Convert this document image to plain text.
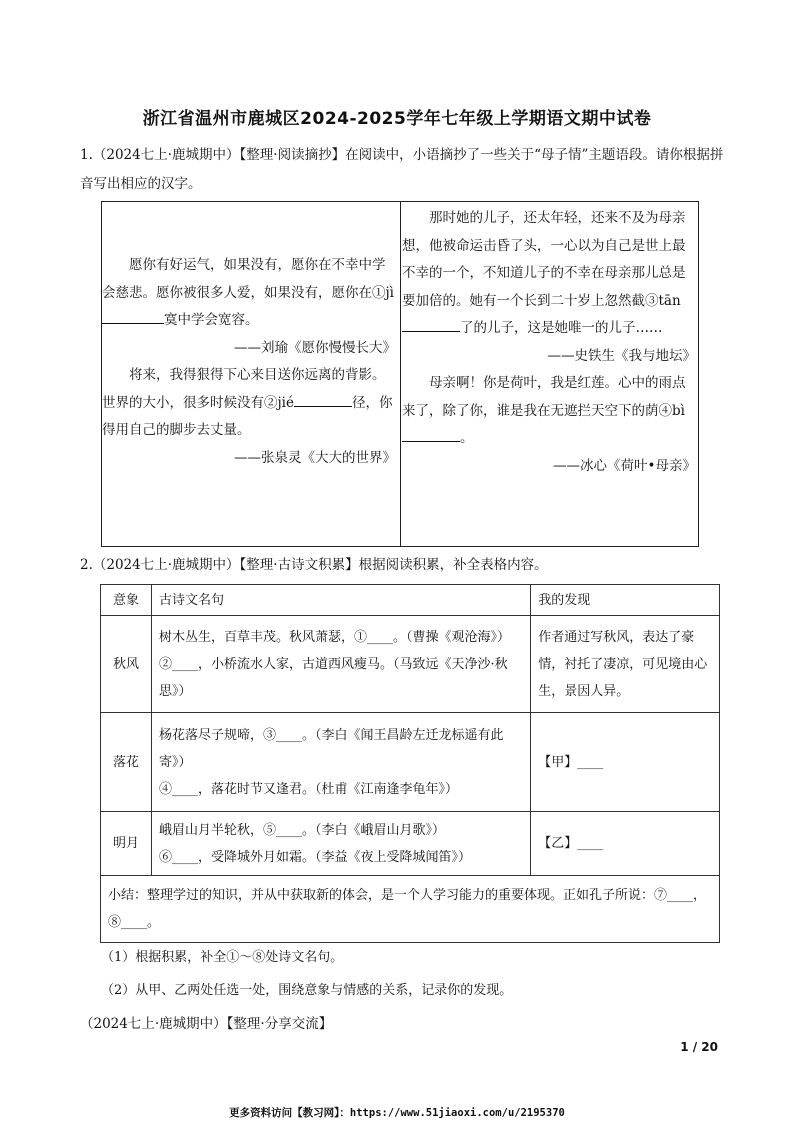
浙江省温州市鹿城区2024-2025学年七年级上学期语文期中试卷
1.（2024七上·鹿城期中）【整理·阅读摘抄】在阅读中，小语摘抄了一些关于“母子情”主题语段。请你根据拼音写出相应的汉字。

愿你有好运气，如果没有，愿你在不幸中学会慈悲。愿你被很多人爱，如果没有，愿你在①jì寞中学会宽容。

——刘瑜《愿你慢慢长大》

将来，我得狠得下心来目送你远离的背影。世界的大小，很多时候没有②jié	径，你得用自己的脚步去丈量。

——张泉灵《大大的世界》

那时她的儿子，还太年轻，还来不及为母亲想，他被命运击昏了头，一心以为自己是世上最不幸的一个，不知道儿子的不幸在母亲那儿总是要加倍的。她有一个长到二十岁上忽然截③tān了的儿子，这是她唯一的儿子……

——史铁生《我与地坛》

母亲啊！你是荷叶，我是红莲。心中的雨点来了，除了你，谁是我在无遮拦天空下的荫④bì。

——冰心《荷叶•母亲》

2.（2024七上·鹿城期中）【整理·古诗文积累】根据阅读积累，补全表格内容。
意象	古诗文名句	我的发现
秋风	树木丛生，百草丰茂。秋风萧瑟，①____。（曹操《观沧海》）
②____，小桥流水人家，古道西风瘦马。（马致远《天净沙·秋思》）	作者通过写秋风，表达了豪情，衬托了凄凉，可见境由心生，景因人异。
落花	杨花落尽子规啼，③____。（李白《闻王昌龄左迁龙标遥有此寄》）
④____，落花时节又逢君。（杜甫《江南逢李龟年》）	【甲】____
明月	峨眉山月半轮秋，⑤____。（李白《峨眉山月歌》）
⑥____，受降城外月如霜。（李益《夜上受降城闻笛》）	【乙】____
小结：整理学过的知识，并从中获取新的体会，是一个人学习能力的重要体现。正如孔子所说：⑦____，⑧____。		
（1）根据积累，补全①～⑧处诗文名句。
（2）从甲、乙两处任选一处，围绕意象与情感的关系，记录你的发现。
（2024七上·鹿城期中）【整理·分享交流】
1 / 20
更多资料访问【教习网】：https://www.51jiaoxi.com/u/2195370
